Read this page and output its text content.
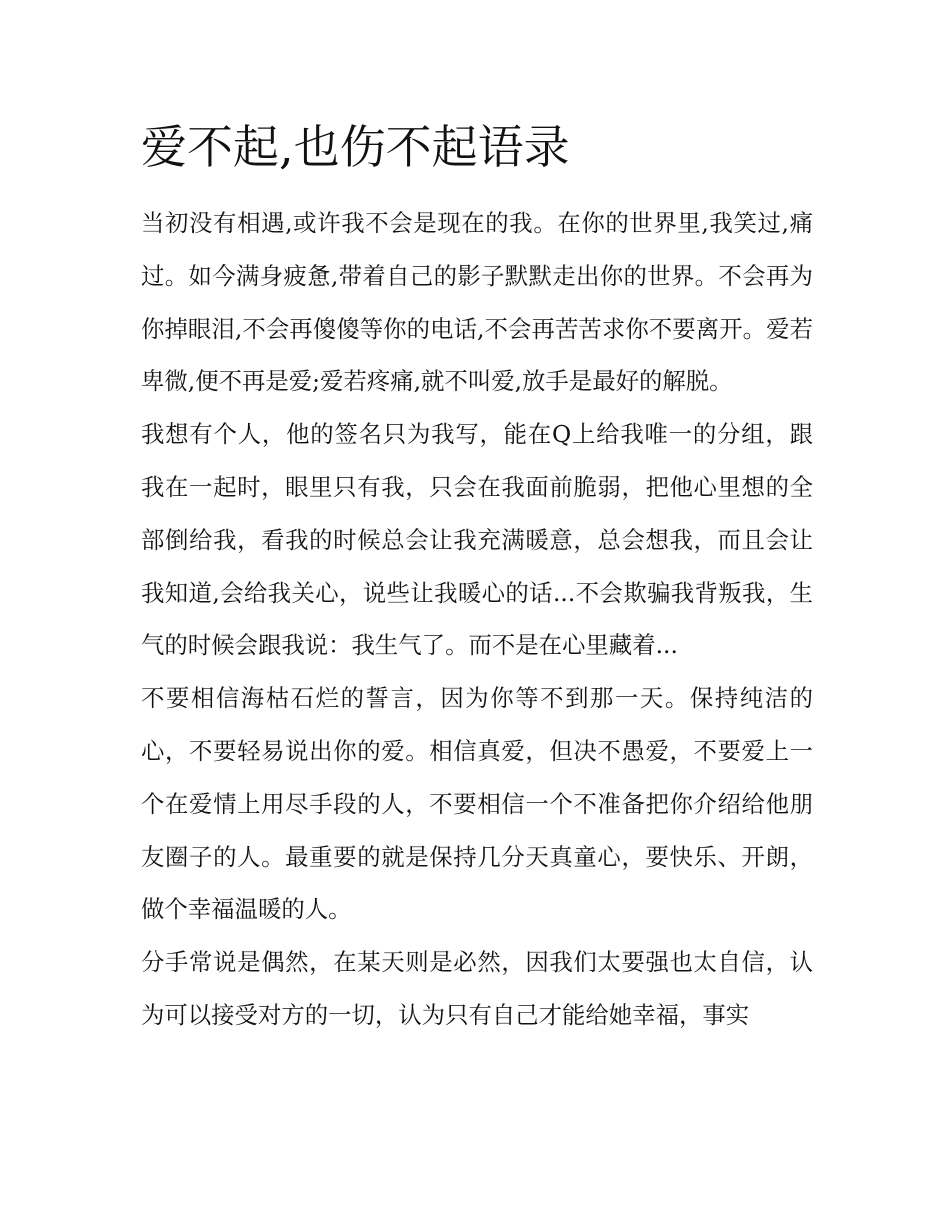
爱不起,也伤不起语录

当初没有相遇,或许我不会是现在的我。在你的世界里,我笑过,痛过。如今满身疲惫,带着自己的影子默默走出你的世界。不会再为你掉眼泪,不会再傻傻等你的电话,不会再苦苦求你不要离开。爱若卑微,便不再是爱;爱若疼痛,就不叫爱,放手是最好的解脱。

我想有个人，他的签名只为我写，能在Q上给我唯一的分组，跟我在一起时，眼里只有我，只会在我面前脆弱，把他心里想的全部倒给我，看我的时候总会让我充满暖意，总会想我，而且会让我知道,会给我关心，说些让我暖心的话...不会欺骗我背叛我，生气的时候会跟我说：我生气了。而不是在心里藏着...

不要相信海枯石烂的誓言，因为你等不到那一天。保持纯洁的心，不要轻易说出你的爱。相信真爱，但决不愚爱，不要爱上一个在爱情上用尽手段的人，不要相信一个不准备把你介绍给他朋友圈子的人。最重要的就是保持几分天真童心，要快乐、开朗，做个幸福温暖的人。

分手常说是偶然，在某天则是必然，因我们太要强也太自信，认为可以接受对方的一切，认为只有自己才能给她幸福，事实
